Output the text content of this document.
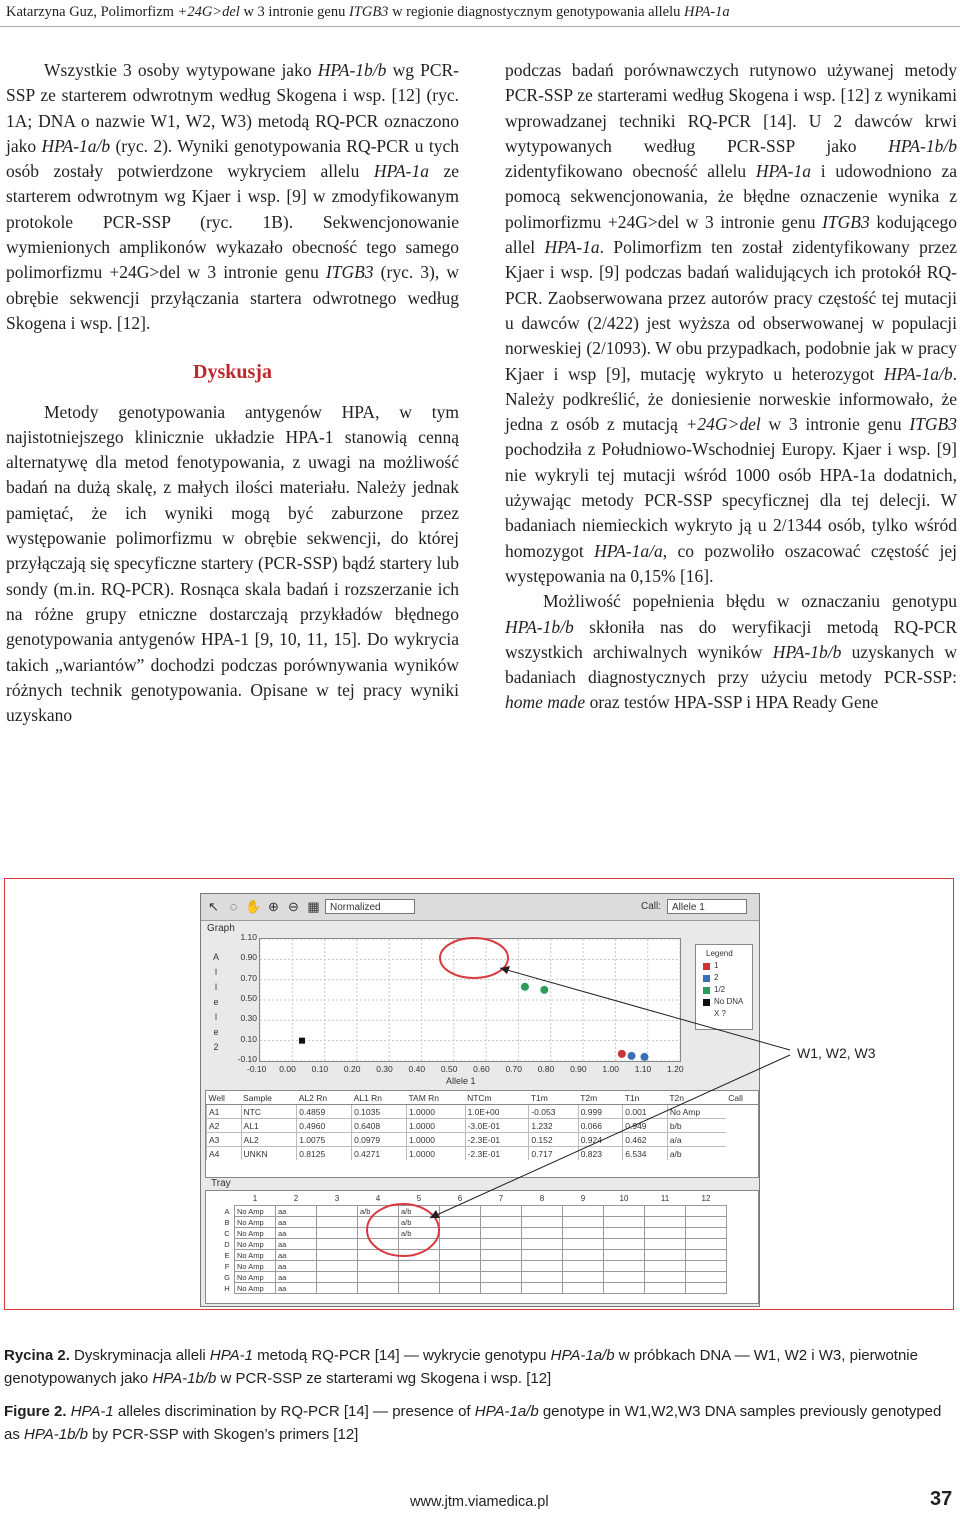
Katarzyna Guz, Polimorfizm +24G>del w 3 intronie genu ITGB3 w regionie diagnostycznym genotypowania allelu HPA-1a

Wszystkie 3 osoby wytypowane jako HPA-1b/b wg PCR-SSP ze starterem odwrotnym według Skogena i wsp. [12] (ryc. 1A; DNA o nazwie W1, W2, W3) metodą RQ-PCR oznaczono jako HPA-1a/b (ryc. 2). Wyniki genotypowania RQ-PCR u tych osób zostały potwierdzone wykryciem allelu HPA-1a ze starterem odwrotnym wg Kjaer i wsp. [9] w zmodyfikowanym protokole PCR-SSP (ryc. 1B). Sekwencjonowanie wymienionych amplikonów wykazało obecność tego samego polimorfizmu +24G>del w 3 intronie genu ITGB3 (ryc. 3), w obrębie sekwencji przyłączania startera odwrotnego według Skogena i wsp. [12].

Dyskusja

Metody genotypowania antygenów HPA, w tym najistotniejszego klinicznie układzie HPA-1 stanowią cenną alternatywę dla metod fenotypowania, z uwagi na możliwość badań na dużą skalę, z małych ilości materiału. Należy jednak pamiętać, że ich wyniki mogą być zaburzone przez występowanie polimorfizmu w obrębie sekwencji, do której przyłączają się specyficzne startery (PCR-SSP) bądź startery lub sondy (m.in. RQ-PCR). Rosnąca skala badań i rozszerzanie ich na różne grupy etniczne dostarczają przykładów błędnego genotypowania antygenów HPA-1 [9, 10, 11, 15]. Do wykrycia takich „wariantów” dochodzi podczas porównywania wyników różnych technik genotypowania. Opisane w tej pracy wyniki uzyskano

podczas badań porównawczych rutynowo używanej metody PCR-SSP ze starterami według Skogena i wsp. [12] z wynikami wprowadzanej techniki RQ-PCR [14]. U 2 dawców krwi wytypowanych według PCR-SSP jako HPA-1b/b zidentyfikowano obecność allelu HPA-1a i udowodniono za pomocą sekwencjonowania, że błędne oznaczenie wynika z polimorfizmu +24G>del w 3 intronie genu ITGB3 kodującego allel HPA-1a. Polimorfizm ten został zidentyfikowany przez Kjaer i wsp. [9] podczas badań walidujących ich protokół RQ-PCR. Zaobserwowana przez autorów pracy częstość tej mutacji u dawców (2/422) jest wyższa od obserwowanej w populacji norweskiej (2/1093). W obu przypadkach, podobnie jak w pracy Kjaer i wsp [9], mutację wykryto u heterozygot HPA-1a/b. Należy podkreślić, że doniesienie norweskie informowało, że jedna z osób z mutacją +24G>del w 3 intronie genu ITGB3 pochodziła z Południowo-Wschodniej Europy. Kjaer i wsp. [9] nie wykryli tej mutacji wśród 1000 osób HPA-1a dodatnich, używając metody PCR-SSP specyficznej dla tej delecji. W badaniach niemieckich wykryto ją u 2/1344 osób, tylko wśród homozygot HPA-1a/a, co pozwoliło oszacować częstość jej występowania na 0,15% [16].

Możliwość popełnienia błędu w oznaczaniu genotypu HPA-1b/b skłoniła nas do weryfikacji metodą RQ-PCR wszystkich archiwalnych wyników HPA-1b/b uzyskanych w badaniach diagnostycznych przy użyciu metody PCR-SSP: home made oraz testów HPA-SSP i HPA Ready Gene

↖ ◌ ✋ ⊕ ⊖ ▦	Normalized	Call:	Allele 1
Graph
A
l
l
e
l
e
2
1.10
0.90
0.70
0.50
0.30
0.10
-0.10
-0.10 0.00 0.10 0.20 0.30 0.40 0.50 0.60 0.70 0.80 0.90 1.00 1.10 1.20
Allele 1
Legend
1
2
1/2
No DNA
X ?
Well	Sample	AL2 Rn	AL1 Rn	TAM Rn	NTCm	T1m	T2m	T1n	T2n	Call
A1	NTC	0.4859	0.1035	1.0000	1.0E+00	-0.053	0.999	0.001	No Amp	
A2	AL1	0.4960	0.6408	1.0000	-3.0E-01	1.232	0.066	0.949	b/b	
A3	AL2	1.0075	0.0979	1.0000	-2.3E-01	0.152	0.924	0.462	a/a	
A4	UNKN	0.8125	0.4271	1.0000	-2.3E-01	0.717	0.823	6.534	a/b	
Tray
	1	2	3	4	5	6	7	8	9	10	11	12
A	No Amp	aa		a/b	a/b							
B	No Amp	aa			a/b							
C	No Amp	aa			a/b							
D	No Amp	aa										
E	No Amp	aa										
F	No Amp	aa										
G	No Amp	aa										
H	No Amp	aa										
W1, W2, W3
Rycina 2. Dyskryminacja alleli HPA-1 metodą RQ-PCR [14] — wykrycie genotypu HPA-1a/b w próbkach DNA — W1, W2 i W3, pierwotnie genotypowanych jako HPA-1b/b w PCR-SSP ze starterami wg Skogena i wsp. [12]
Figure 2. HPA-1 alleles discrimination by RQ-PCR [14] — presence of HPA-1a/b genotype in W1,W2,W3 DNA samples previously genotyped as HPA-1b/b by PCR-SSP with Skogen’s primers [12]
www.jtm.viamedica.pl	37
